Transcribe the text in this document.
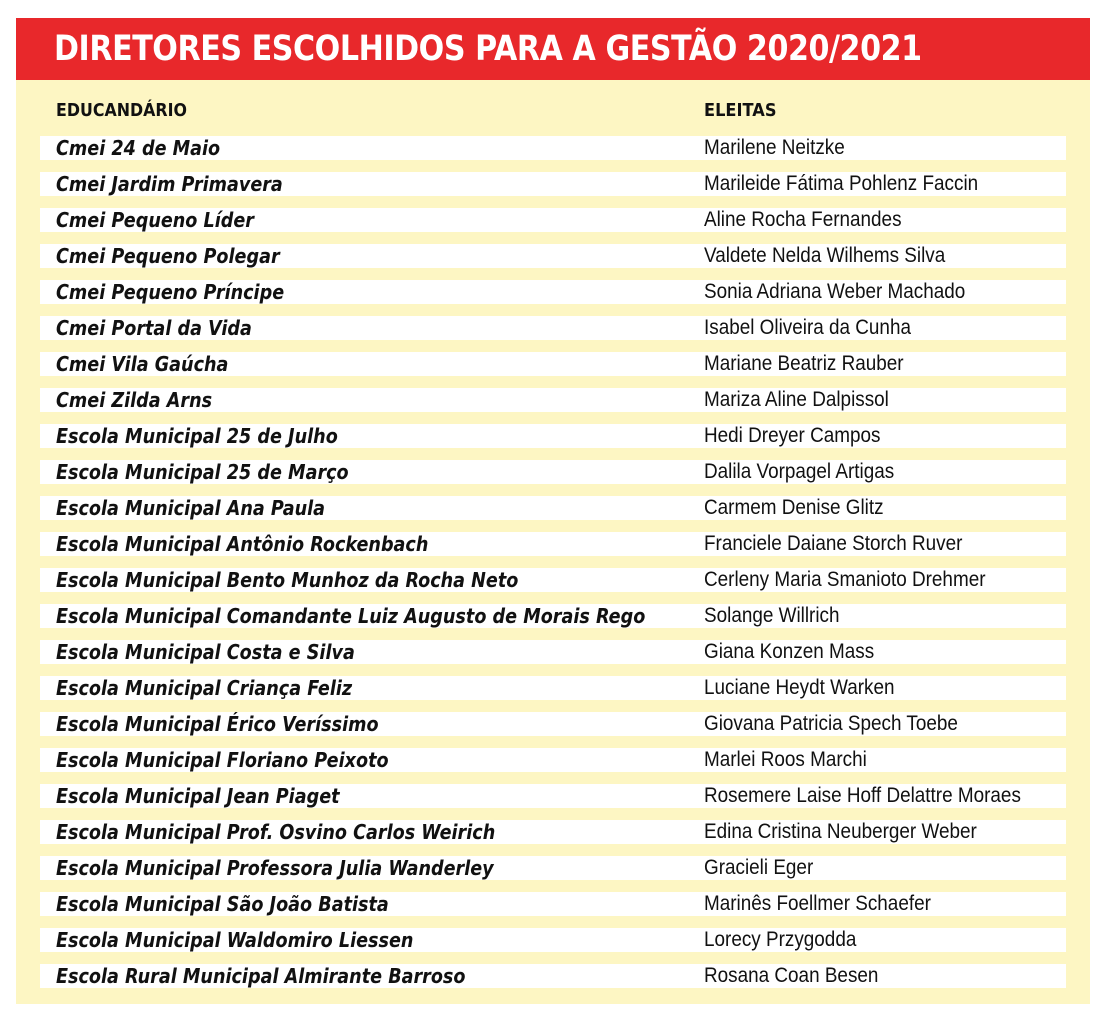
DIRETORES ESCOLHIDOS PARA A GESTÃO 2020/2021
EDUCANDÁRIO	ELEITAS
Cmei 24 de Maio	Marilene Neitzke
Cmei Jardim Primavera	Marileide Fátima Pohlenz Faccin
Cmei Pequeno Líder	Aline Rocha Fernandes
Cmei Pequeno Polegar	Valdete Nelda Wilhems Silva
Cmei Pequeno Príncipe	Sonia Adriana Weber Machado
Cmei Portal da Vida	Isabel Oliveira da Cunha
Cmei Vila Gaúcha	Mariane Beatriz Rauber
Cmei Zilda Arns	Mariza Aline Dalpissol
Escola Municipal 25 de Julho	Hedi Dreyer Campos
Escola Municipal 25 de Março	Dalila Vorpagel Artigas
Escola Municipal Ana Paula	Carmem Denise Glitz
Escola Municipal Antônio Rockenbach	Franciele Daiane Storch Ruver
Escola Municipal Bento Munhoz da Rocha Neto	Cerleny Maria Smanioto Drehmer
Escola Municipal Comandante Luiz Augusto de Morais Rego	Solange Willrich
Escola Municipal Costa e Silva	Giana Konzen Mass
Escola Municipal Criança Feliz	Luciane Heydt Warken
Escola Municipal Érico Veríssimo	Giovana Patricia Spech Toebe
Escola Municipal Floriano Peixoto	Marlei Roos Marchi
Escola Municipal Jean Piaget	Rosemere Laise Hoff Delattre Moraes
Escola Municipal Prof. Osvino Carlos Weirich	Edina Cristina Neuberger Weber
Escola Municipal Professora Julia Wanderley	Gracieli Eger
Escola Municipal São João Batista	Marinês Foellmer Schaefer
Escola Municipal Waldomiro Liessen	Lorecy Przygodda
Escola Rural Municipal Almirante Barroso	Rosana Coan Besen
